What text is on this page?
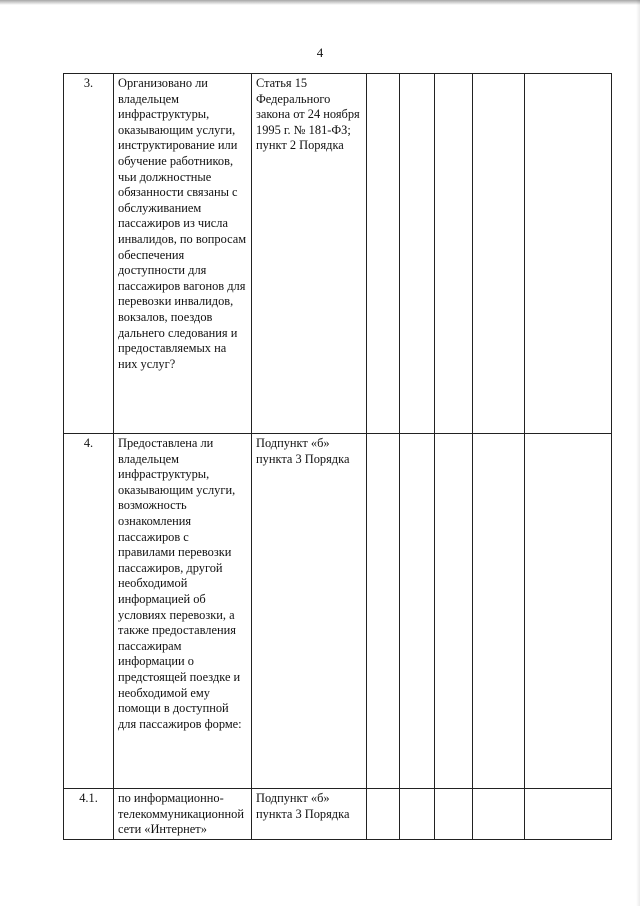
4
3.	Организовано ли владельцем инфраструктуры, оказывающим услуги, инструктирование или обучение работников, чьи должностные обязанности связаны с обслуживанием пассажиров из числа инвалидов, по вопросам обеспечения доступности для пассажиров вагонов для перевозки инвалидов, вокзалов, поездов дальнего следования и предоставляемых на них услуг?	Статья 15 Федерального закона от 24 ноября 1995 г. № 181-ФЗ; пункт 2 Порядка					
4.	Предоставлена ли владельцем инфраструктуры, оказывающим услуги, возможность ознакомления пассажиров с правилами перевозки пассажиров, другой необходимой информацией об условиях перевозки, а также предоставления пассажирам информации о предстоящей поездке и необходимой ему помощи в доступной для пассажиров форме:	Подпункт «б» пункта 3 Порядка					
4.1.	по информационно-телекоммуникационной сети «Интернет»	Подпункт «б» пункта 3 Порядка					
